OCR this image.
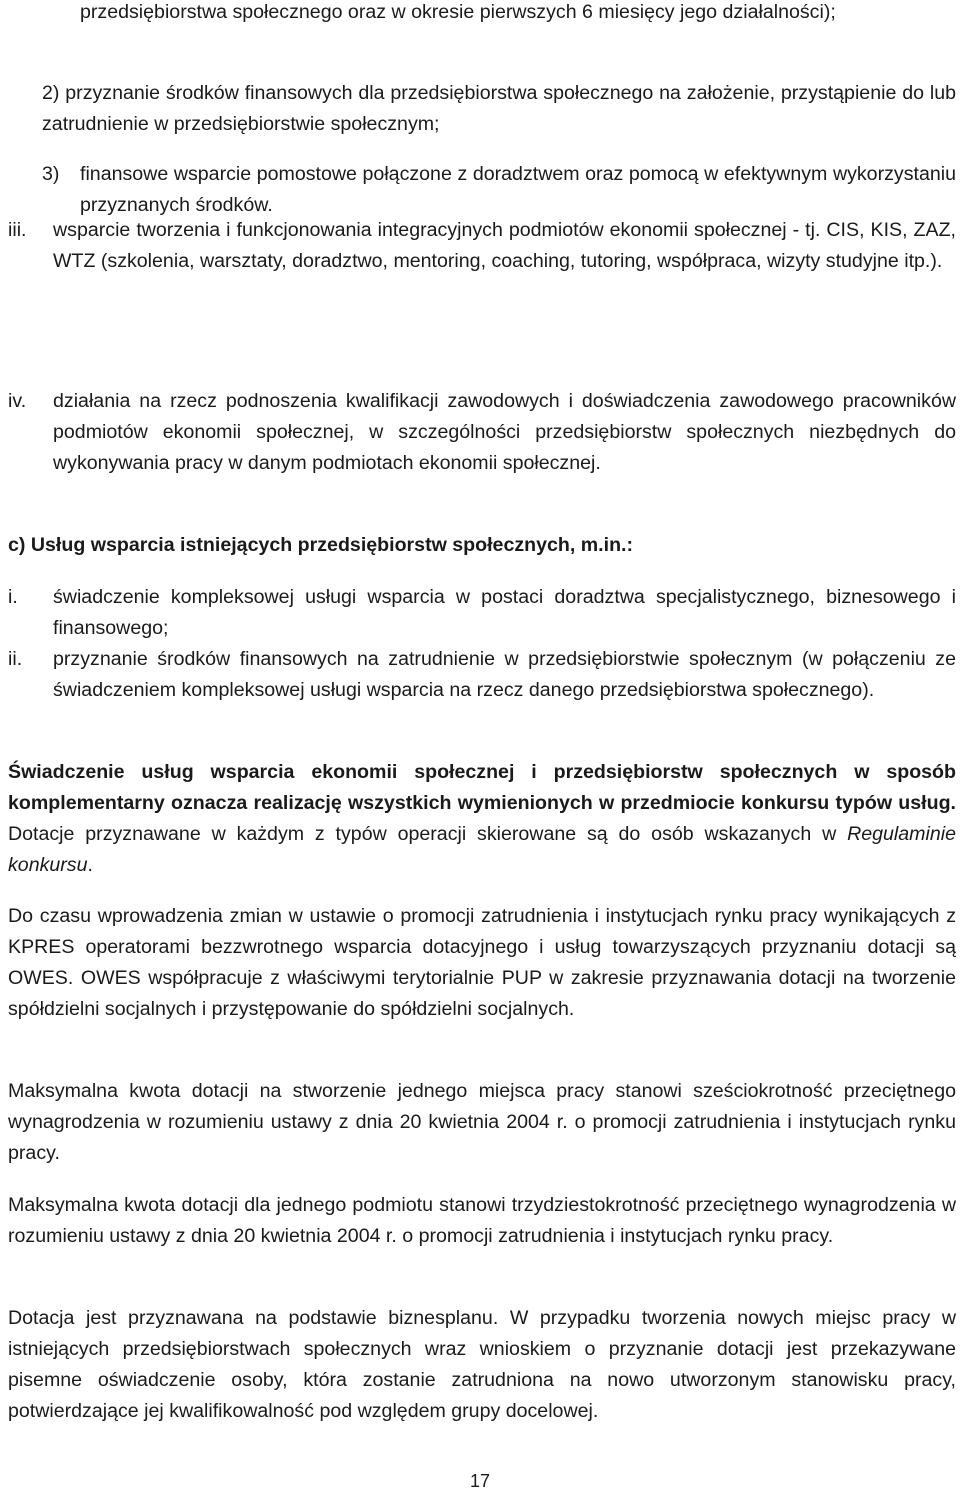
przedsiębiorstwa społecznego oraz w okresie pierwszych 6 miesięcy jego działalności);
2) przyznanie środków finansowych dla przedsiębiorstwa społecznego na założenie, przystąpienie do lub zatrudnienie w przedsiębiorstwie społecznym;
3) finansowe wsparcie pomostowe połączone z doradztwem oraz pomocą w efektywnym wykorzystaniu przyznanych środków.
iii. wsparcie tworzenia i funkcjonowania integracyjnych podmiotów ekonomii społecznej - tj. CIS, KIS, ZAZ, WTZ (szkolenia, warsztaty, doradztwo, mentoring, coaching, tutoring, współpraca, wizyty studyjne itp.).
iv. działania na rzecz podnoszenia kwalifikacji zawodowych i doświadczenia zawodowego pracowników podmiotów ekonomii społecznej, w szczególności przedsiębiorstw społecznych niezbędnych do wykonywania pracy w danym podmiotach ekonomii społecznej.
c) Usług wsparcia istniejących przedsiębiorstw społecznych, m.in.:
i. świadczenie kompleksowej usługi wsparcia w postaci doradztwa specjalistycznego, biznesowego i finansowego;
ii. przyznanie środków finansowych na zatrudnienie w przedsiębiorstwie społecznym (w połączeniu ze świadczeniem kompleksowej usługi wsparcia na rzecz danego przedsiębiorstwa społecznego).
Świadczenie usług wsparcia ekonomii społecznej i przedsiębiorstw społecznych w sposób komplementarny oznacza realizację wszystkich wymienionych w przedmiocie konkursu typów usług. Dotacje przyznawane w każdym z typów operacji skierowane są do osób wskazanych w Regulaminie konkursu.
Do czasu wprowadzenia zmian w ustawie o promocji zatrudnienia i instytucjach rynku pracy wynikających z KPRES operatorami bezzwrotnego wsparcia dotacyjnego i usług towarzyszących przyznaniu dotacji są OWES. OWES współpracuje z właściwymi terytorialnie PUP w zakresie przyznawania dotacji na tworzenie spółdzielni socjalnych i przystępowanie do spółdzielni socjalnych.
Maksymalna kwota dotacji na stworzenie jednego miejsca pracy stanowi sześciokrotność przeciętnego wynagrodzenia w rozumieniu ustawy z dnia 20 kwietnia 2004 r. o promocji zatrudnienia i instytucjach rynku pracy.
Maksymalna kwota dotacji dla jednego podmiotu stanowi trzydziestokrotność przeciętnego wynagrodzenia w rozumieniu ustawy z dnia 20 kwietnia 2004 r. o promocji zatrudnienia i instytucjach rynku pracy.
Dotacja jest przyznawana na podstawie biznesplanu. W przypadku tworzenia nowych miejsc pracy w istniejących przedsiębiorstwach społecznych wraz wnioskiem o przyznanie dotacji jest przekazywane pisemne oświadczenie osoby, która zostanie zatrudniona na nowo utworzonym stanowisku pracy, potwierdzające jej kwalifikowalność pod względem grupy docelowej.
17
